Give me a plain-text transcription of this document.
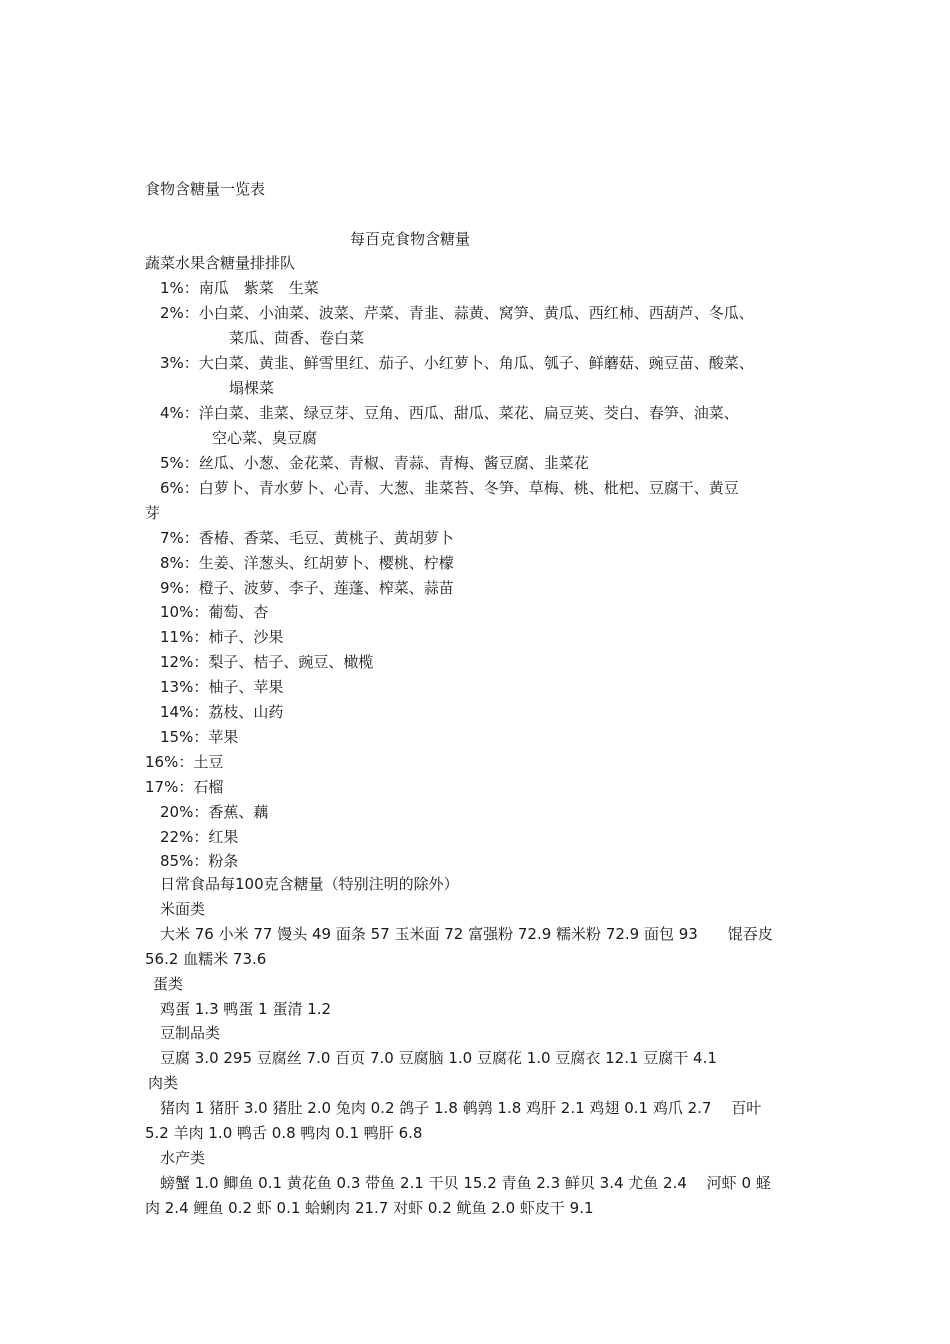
食物含糖量一览表
每百克食物含糖量
蔬菜水果含糖量排排队
1%：南瓜　紫菜　生菜
2%：小白菜、小油菜、波菜、芹菜、青韭、蒜黄、窝笋、黄瓜、西红柿、西葫芦、冬瓜、
菜瓜、茴香、卷白菜
3%：大白菜、黄韭、鲜雪里红、茄子、小红萝卜、角瓜、瓠子、鲜蘑菇、豌豆苗、酸菜、
塌棵菜
4%：洋白菜、韭菜、绿豆芽、豆角、西瓜、甜瓜、菜花、扁豆荚、茭白、春笋、油菜、
空心菜、臭豆腐
5%：丝瓜、小葱、金花菜、青椒、青蒜、青梅、酱豆腐、韭菜花
6%：白萝卜、青水萝卜、心青、大葱、韭菜苔、冬笋、草梅、桃、枇杷、豆腐干、黄豆
芽
7%：香椿、香菜、毛豆、黄桃子、黄胡萝卜
8%：生姜、洋葱头、红胡萝卜、樱桃、柠檬
9%：橙子、波萝、李子、莲蓬、榨菜、蒜苗
10%：葡萄、杏
11%：柿子、沙果
12%：梨子、桔子、豌豆、橄榄
13%：柚子、苹果
14%：荔枝、山药
15%：苹果
16%：土豆
17%：石榴
20%：香蕉、藕
22%：红果
85%：粉条
日常食品每100克含糖量（特别注明的除外）
米面类
大米 76 小米 77 馒头 49 面条 57 玉米面 72 富强粉 72.9 糯米粉 72.9 面包 93　　馄吞皮
56.2 血糯米 73.6
蛋类
鸡蛋 1.3 鸭蛋 1 蛋清 1.2
豆制品类
豆腐 3.0 295 豆腐丝 7.0 百页 7.0 豆腐脑 1.0 豆腐花 1.0 豆腐衣 12.1 豆腐干 4.1
肉类
猪肉 1 猪肝 3.0 猪肚 2.0 兔肉 0.2 鸽子 1.8 鹌鹑 1.8 鸡肝 2.1 鸡翅 0.1 鸡爪 2.7　 百叶
5.2 羊肉 1.0 鸭舌 0.8 鸭肉 0.1 鸭肝 6.8
水产类
螃蟹 1.0 鲫鱼 0.1 黄花鱼 0.3 带鱼 2.1 干贝 15.2 青鱼 2.3 鲜贝 3.4 尤鱼 2.4　 河虾 0 蛏
肉 2.4 鲤鱼 0.2 虾 0.1 蛤蜊肉 21.7 对虾 0.2 鱿鱼 2.0 虾皮干 9.1
